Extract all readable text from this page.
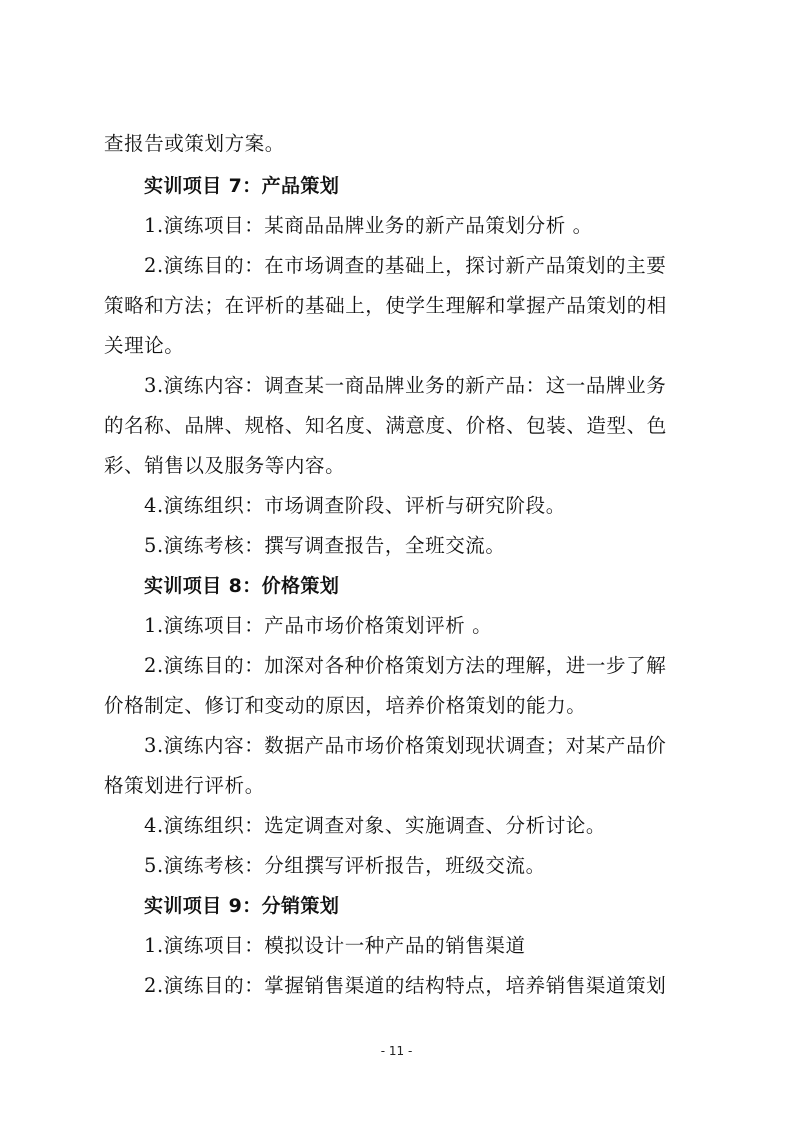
查报告或策划方案。
实训项目 7：产品策划
1.演练项目：某商品品牌业务的新产品策划分析 。
2.演练目的：在市场调查的基础上，探讨新产品策划的主要
策略和方法；在评析的基础上，使学生理解和掌握产品策划的相
关理论。
3.演练内容：调查某一商品牌业务的新产品：这一品牌业务
的名称、品牌、规格、知名度、满意度、价格、包装、造型、色
彩、销售以及服务等内容。
4.演练组织：市场调查阶段、评析与研究阶段。
5.演练考核：撰写调查报告，全班交流。
实训项目 8：价格策划
1.演练项目：产品市场价格策划评析 。
2.演练目的：加深对各种价格策划方法的理解，进一步了解
价格制定、修订和变动的原因，培养价格策划的能力。
3.演练内容：数据产品市场价格策划现状调查；对某产品价
格策划进行评析。
4.演练组织：选定调查对象、实施调查、分析讨论。
5.演练考核：分组撰写评析报告，班级交流。
实训项目 9：分销策划
1.演练项目：模拟设计一种产品的销售渠道
2.演练目的：掌握销售渠道的结构特点，培养销售渠道策划
- 11 -
